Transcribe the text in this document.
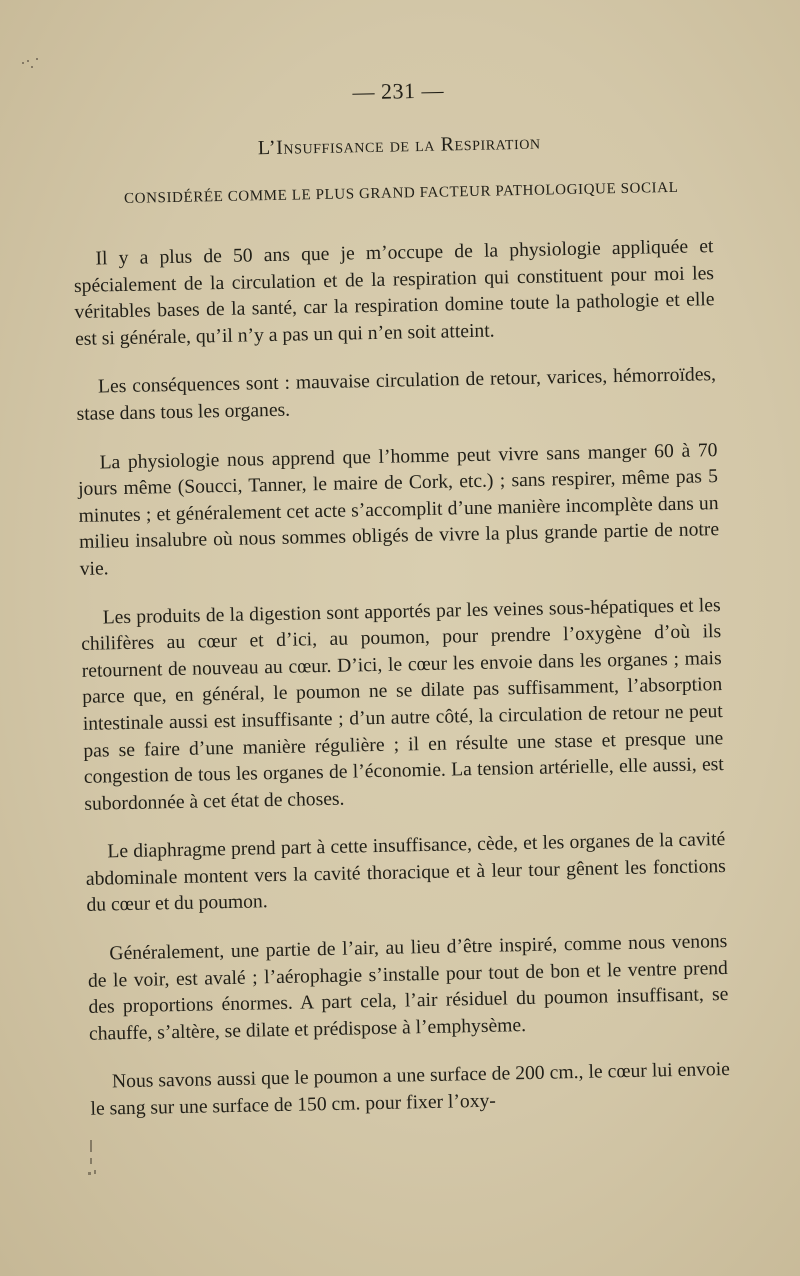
— 231 —
L’Insuffisance de la Respiration
CONSIDÉRÉE COMME LE PLUS GRAND FACTEUR PATHOLOGIQUE SOCIAL

Il y a plus de 50 ans que je m’occupe de la physiologie appliquée et spécialement de la circulation et de la respiration qui constituent pour moi les véritables bases de la santé, car la respiration domine toute la pathologie et elle est si générale, qu’il n’y a pas un qui n’en soit atteint.

Les conséquences sont : mauvaise circulation de retour, varices, hémorroïdes, stase dans tous les organes.

La physiologie nous apprend que l’homme peut vivre sans manger 60 à 70 jours même (Soucci, Tanner, le maire de Cork, etc.) ; sans respirer, même pas 5 minutes ; et généralement cet acte s’accomplit d’une manière incomplète dans un milieu insalubre où nous sommes obligés de vivre la plus grande partie de notre vie.

Les produits de la digestion sont apportés par les veines sous-hépatiques et les chilifères au cœur et d’ici, au poumon, pour prendre l’oxygène d’où ils retournent de nouveau au cœur. D’ici, le cœur les envoie dans les organes ; mais parce que, en général, le poumon ne se dilate pas suffisamment, l’absorption intestinale aussi est insuffisante ; d’un autre côté, la circulation de retour ne peut pas se faire d’une manière régulière ; il en résulte une stase et presque une congestion de tous les organes de l’économie. La tension artérielle, elle aussi, est subordonnée à cet état de choses.

Le diaphragme prend part à cette insuffisance, cède, et les organes de la cavité abdominale montent vers la cavité thoracique et à leur tour gênent les fonctions du cœur et du poumon.

Généralement, une partie de l’air, au lieu d’être inspiré, comme nous venons de le voir, est avalé ; l’aérophagie s’installe pour tout de bon et le ventre prend des proportions énormes. A part cela, l’air résiduel du poumon insuffisant, se chauffe, s’altère, se dilate et prédispose à l’emphysème.

Nous savons aussi que le poumon a une surface de 200 cm., le cœur lui envoie le sang sur une surface de 150 cm. pour fixer l’oxy-
